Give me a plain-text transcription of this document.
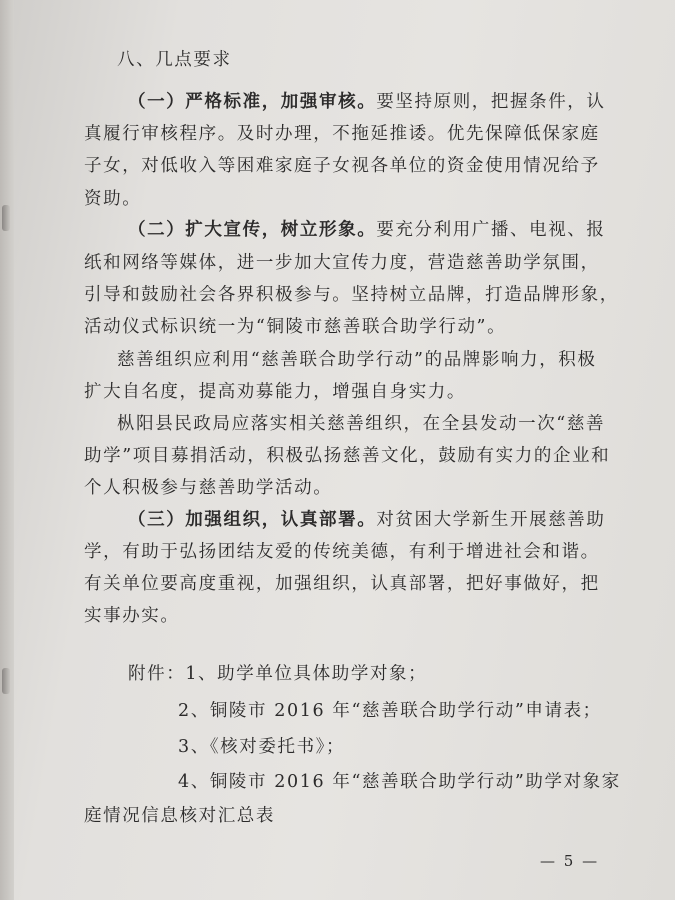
八、几点要求
（一）严格标准，加强审核。要坚持原则，把握条件，认
真履行审核程序。及时办理，不拖延推诿。优先保障低保家庭
子女，对低收入等困难家庭子女视各单位的资金使用情况给予
资助。
（二）扩大宣传，树立形象。要充分利用广播、电视、报
纸和网络等媒体，进一步加大宣传力度，营造慈善助学氛围，
引导和鼓励社会各界积极参与。坚持树立品牌，打造品牌形象，
活动仪式标识统一为“铜陵市慈善联合助学行动”。
慈善组织应利用“慈善联合助学行动”的品牌影响力，积极
扩大自名度，提高劝募能力，增强自身实力。
枞阳县民政局应落实相关慈善组织，在全县发动一次“慈善
助学”项目募捐活动，积极弘扬慈善文化，鼓励有实力的企业和
个人积极参与慈善助学活动。
（三）加强组织，认真部署。对贫困大学新生开展慈善助
学，有助于弘扬团结友爱的传统美德，有利于增进社会和谐。
有关单位要高度重视，加强组织，认真部署，把好事做好，把
实事办实。
附件：1、助学单位具体助学对象；
2、铜陵市 2016 年“慈善联合助学行动”申请表；
3、《核对委托书》；
4、铜陵市 2016 年“慈善联合助学行动”助学对象家
庭情况信息核对汇总表
— 5 —
